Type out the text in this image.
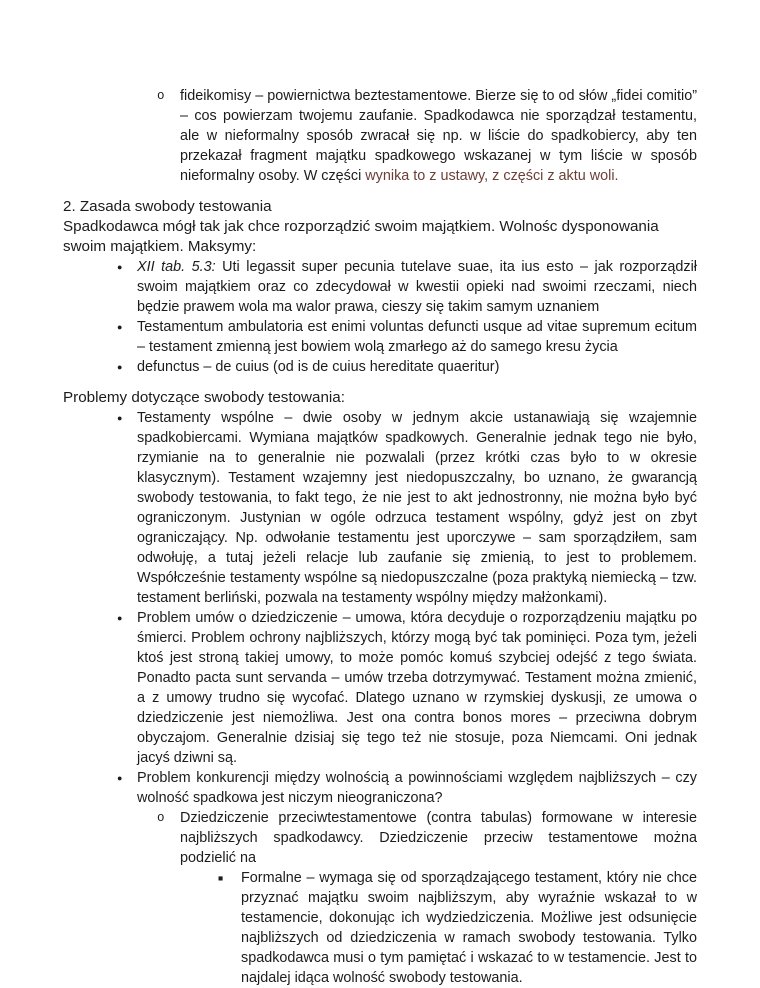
o	fideikomisy – powiernictwa beztestamentowe. Bierze się to od słów „fidei comitio” – cos powierzam twojemu zaufanie. Spadkodawca nie sporządzał testamentu, ale w nieformalny sposób zwracał się np. w liście do spadkobiercy, aby ten przekazał fragment majątku spadkowego wskazanej w tym liście w sposób nieformalny osoby. W części wynika to z ustawy, z części z aktu woli.
2. Zasada swobody testowania
Spadkodawca mógł tak jak chce rozporządzić swoim majątkiem. Wolnośc dysponowania swoim majątkiem. Maksymy:
●	XII tab. 5.3: Uti legassit super pecunia tutelave suae, ita ius esto – jak rozporządził swoim majątkiem oraz co zdecydował w kwestii opieki nad swoimi rzeczami, niech będzie prawem wola ma walor prawa, cieszy się takim samym uznaniem
●	Testamentum ambulatoria est enimi voluntas defuncti usque ad vitae supremum ecitum – testament zmienną jest bowiem wolą zmarłego aż do samego kresu życia
●	defunctus – de cuius (od is de cuius hereditate quaeritur)
Problemy dotyczące swobody testowania:
●	Testamenty wspólne – dwie osoby w jednym akcie ustanawiają się wzajemnie spadkobiercami. Wymiana majątków spadkowych. Generalnie jednak tego nie było, rzymianie na to generalnie nie pozwalali (przez krótki czas było to w okresie klasycznym). Testament wzajemny jest niedopuszczalny, bo uznano, że gwarancją swobody testowania, to fakt tego, że nie jest to akt jednostronny, nie można było być ograniczonym. Justynian w ogóle odrzuca testament wspólny, gdyż jest on zbyt ograniczający. Np. odwołanie testamentu jest uporczywe – sam sporządziłem, sam odwołuję, a tutaj jeżeli relacje lub zaufanie się zmienią, to jest to problemem. Współcześnie testamenty wspólne są niedopuszczalne (poza praktyką niemiecką – tzw. testament berliński, pozwala na testamenty wspólny między małżonkami).
●	Problem umów o dziedziczenie – umowa, która decyduje o rozporządzeniu majątku po śmierci. Problem ochrony najbliższych, którzy mogą być tak pominięci. Poza tym, jeżeli ktoś jest stroną takiej umowy, to może pomóc komuś szybciej odejść z tego świata. Ponadto pacta sunt servanda – umów trzeba dotrzymywać. Testament można zmienić, a z umowy trudno się wycofać. Dlatego uznano w rzymskiej dyskusji, ze umowa o dziedziczenie jest niemożliwa. Jest ona contra bonos mores – przeciwna dobrym obyczajom. Generalnie dzisiaj się tego też nie stosuje, poza Niemcami. Oni jednak jacyś dziwni są.
●	Problem konkurencji między wolnością a powinnościami względem najbliższych – czy wolność spadkowa jest niczym nieograniczona?
o	Dziedziczenie przeciwtestamentowe (contra tabulas) formowane w interesie najbliższych spadkodawcy. Dziedziczenie przeciw testamentowe można podzielić na
■	Formalne – wymaga się od sporządzającego testament, który nie chce przyznać majątku swoim najbliższym, aby wyraźnie wskazał to w testamencie, dokonując ich wydziedziczenia. Możliwe jest odsunięcie najbliższych od dziedziczenia w ramach swobody testowania. Tylko spadkodawca musi o tym pamiętać i wskazać to w testamencie. Jest to najdalej idąca wolność swobody testowania.
